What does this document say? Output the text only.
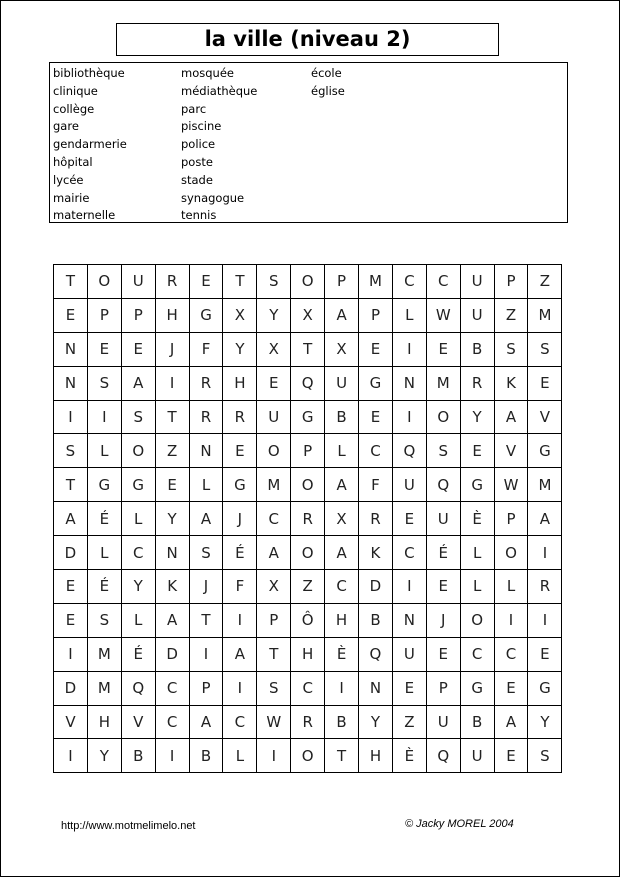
la ville (niveau 2)
bibliothèque
clinique
collège
gare
gendarmerie
hôpital
lycée
mairie
maternelle
mosquée
médiathèque
parc
piscine
police
poste
stade
synagogue
tennis
école
église
T	O	U	R	E	T	S	O	P	M	C	C	U	P	Z
E	P	P	H	G	X	Y	X	A	P	L	W	U	Z	M
N	E	E	J	F	Y	X	T	X	E	I	E	B	S	S
N	S	A	I	R	H	E	Q	U	G	N	M	R	K	E
I	I	S	T	R	R	U	G	B	E	I	O	Y	A	V
S	L	O	Z	N	E	O	P	L	C	Q	S	E	V	G
T	G	G	E	L	G	M	O	A	F	U	Q	G	W	M
A	É	L	Y	A	J	C	R	X	R	E	U	È	P	A
D	L	C	N	S	É	A	O	A	K	C	É	L	O	I
E	É	Y	K	J	F	X	Z	C	D	I	E	L	L	R
E	S	L	A	T	I	P	Ô	H	B	N	J	O	I	I
I	M	É	D	I	A	T	H	È	Q	U	E	C	C	E
D	M	Q	C	P	I	S	C	I	N	E	P	G	E	G
V	H	V	C	A	C	W	R	B	Y	Z	U	B	A	Y
I	Y	B	I	B	L	I	O	T	H	È	Q	U	E	S
http://www.motmelimelo.net	© Jacky MOREL 2004
